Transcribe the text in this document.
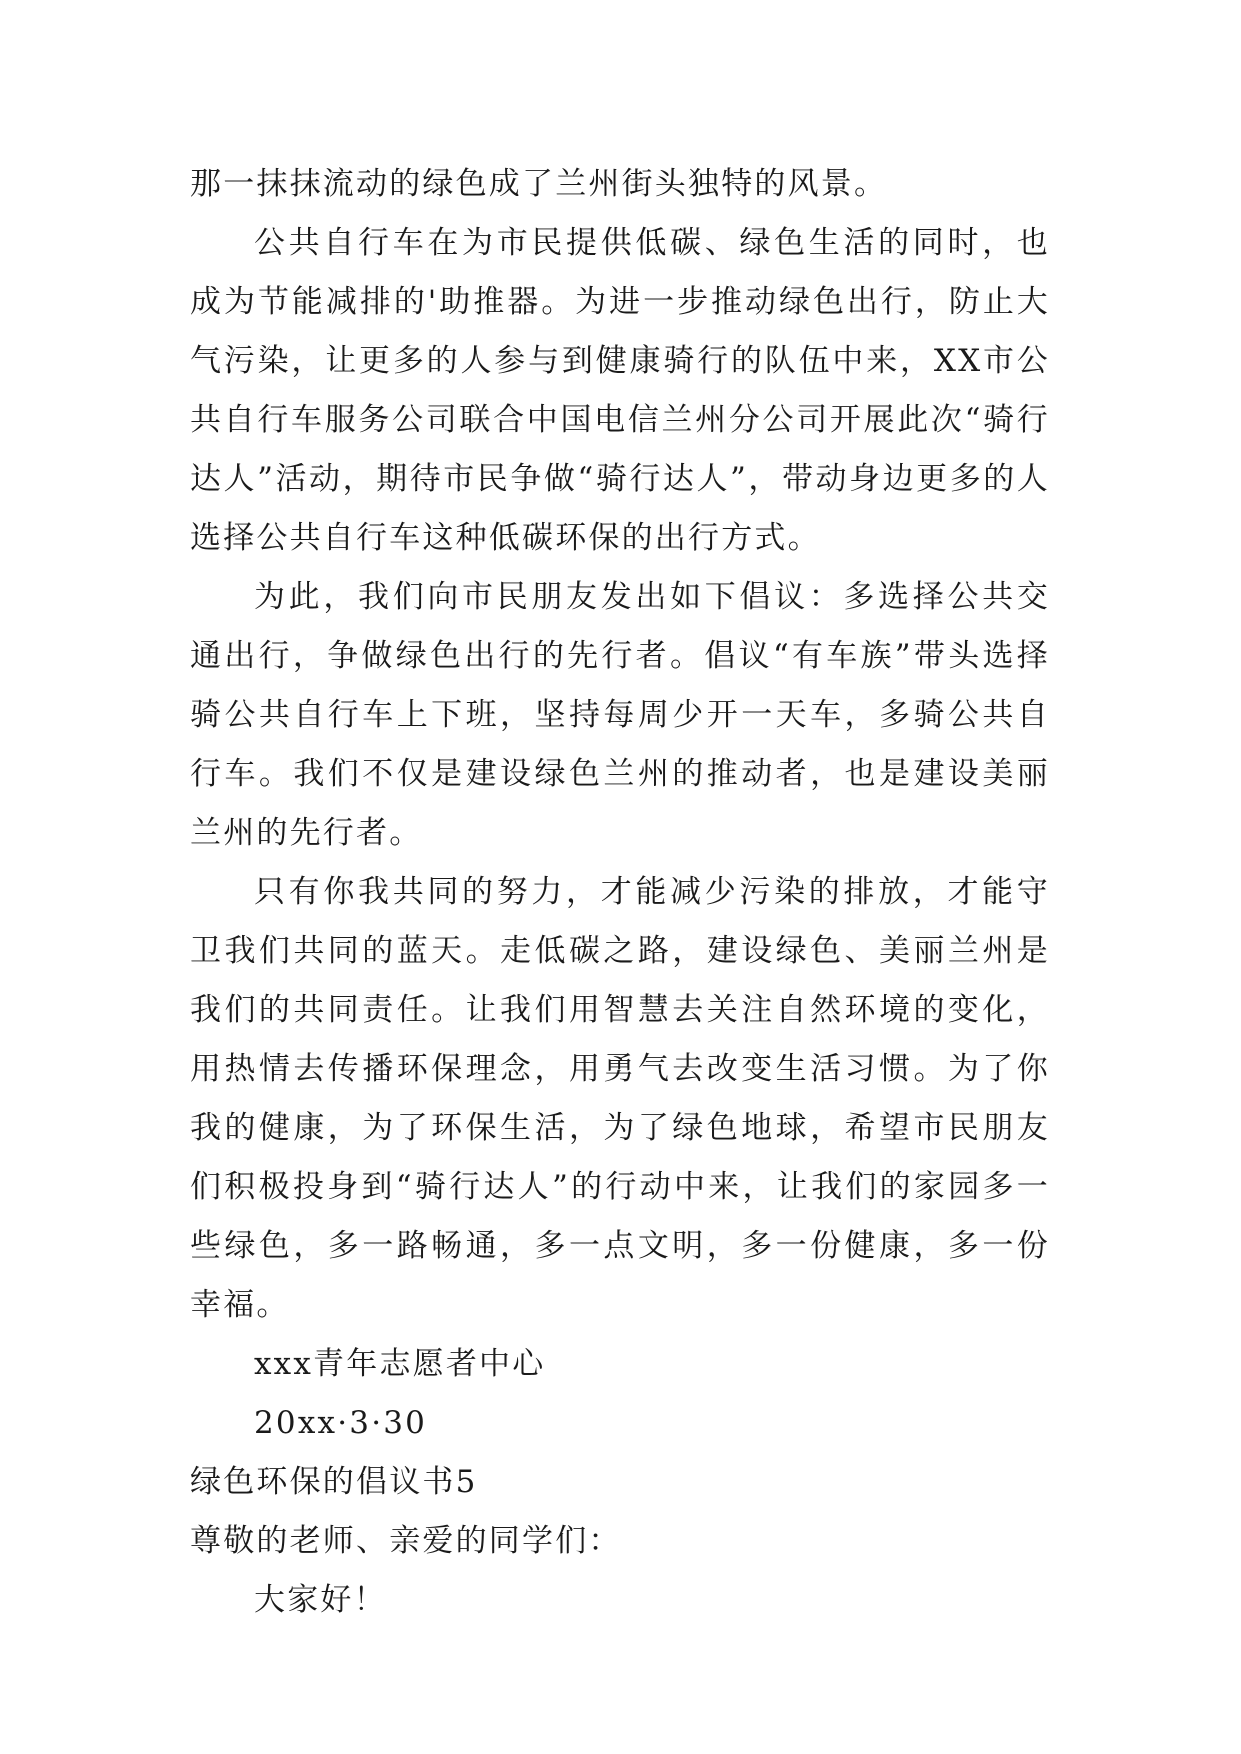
那一抹抹流动的绿色成了兰州街头独特的风景。

公共自行车在为市民提供低碳、绿色生活的同时，也成为节能减排的'助推器。为进一步推动绿色出行，防止大气污染，让更多的人参与到健康骑行的队伍中来，XX市公共自行车服务公司联合中国电信兰州分公司开展此次“骑行达人”活动，期待市民争做“骑行达人”，带动身边更多的人选择公共自行车这种低碳环保的出行方式。

为此，我们向市民朋友发出如下倡议：多选择公共交通出行，争做绿色出行的先行者。倡议“有车族”带头选择骑公共自行车上下班，坚持每周少开一天车，多骑公共自行车。我们不仅是建设绿色兰州的推动者，也是建设美丽兰州的先行者。

只有你我共同的努力，才能减少污染的排放，才能守卫我们共同的蓝天。走低碳之路，建设绿色、美丽兰州是我们的共同责任。让我们用智慧去关注自然环境的变化，用热情去传播环保理念，用勇气去改变生活习惯。为了你我的健康，为了环保生活，为了绿色地球，希望市民朋友们积极投身到“骑行达人”的行动中来，让我们的家园多一些绿色，多一路畅通，多一点文明，多一份健康，多一份幸福。

xxx青年志愿者中心

20xx·3·30

绿色环保的倡议书5

尊敬的老师、亲爱的同学们：

大家好！
